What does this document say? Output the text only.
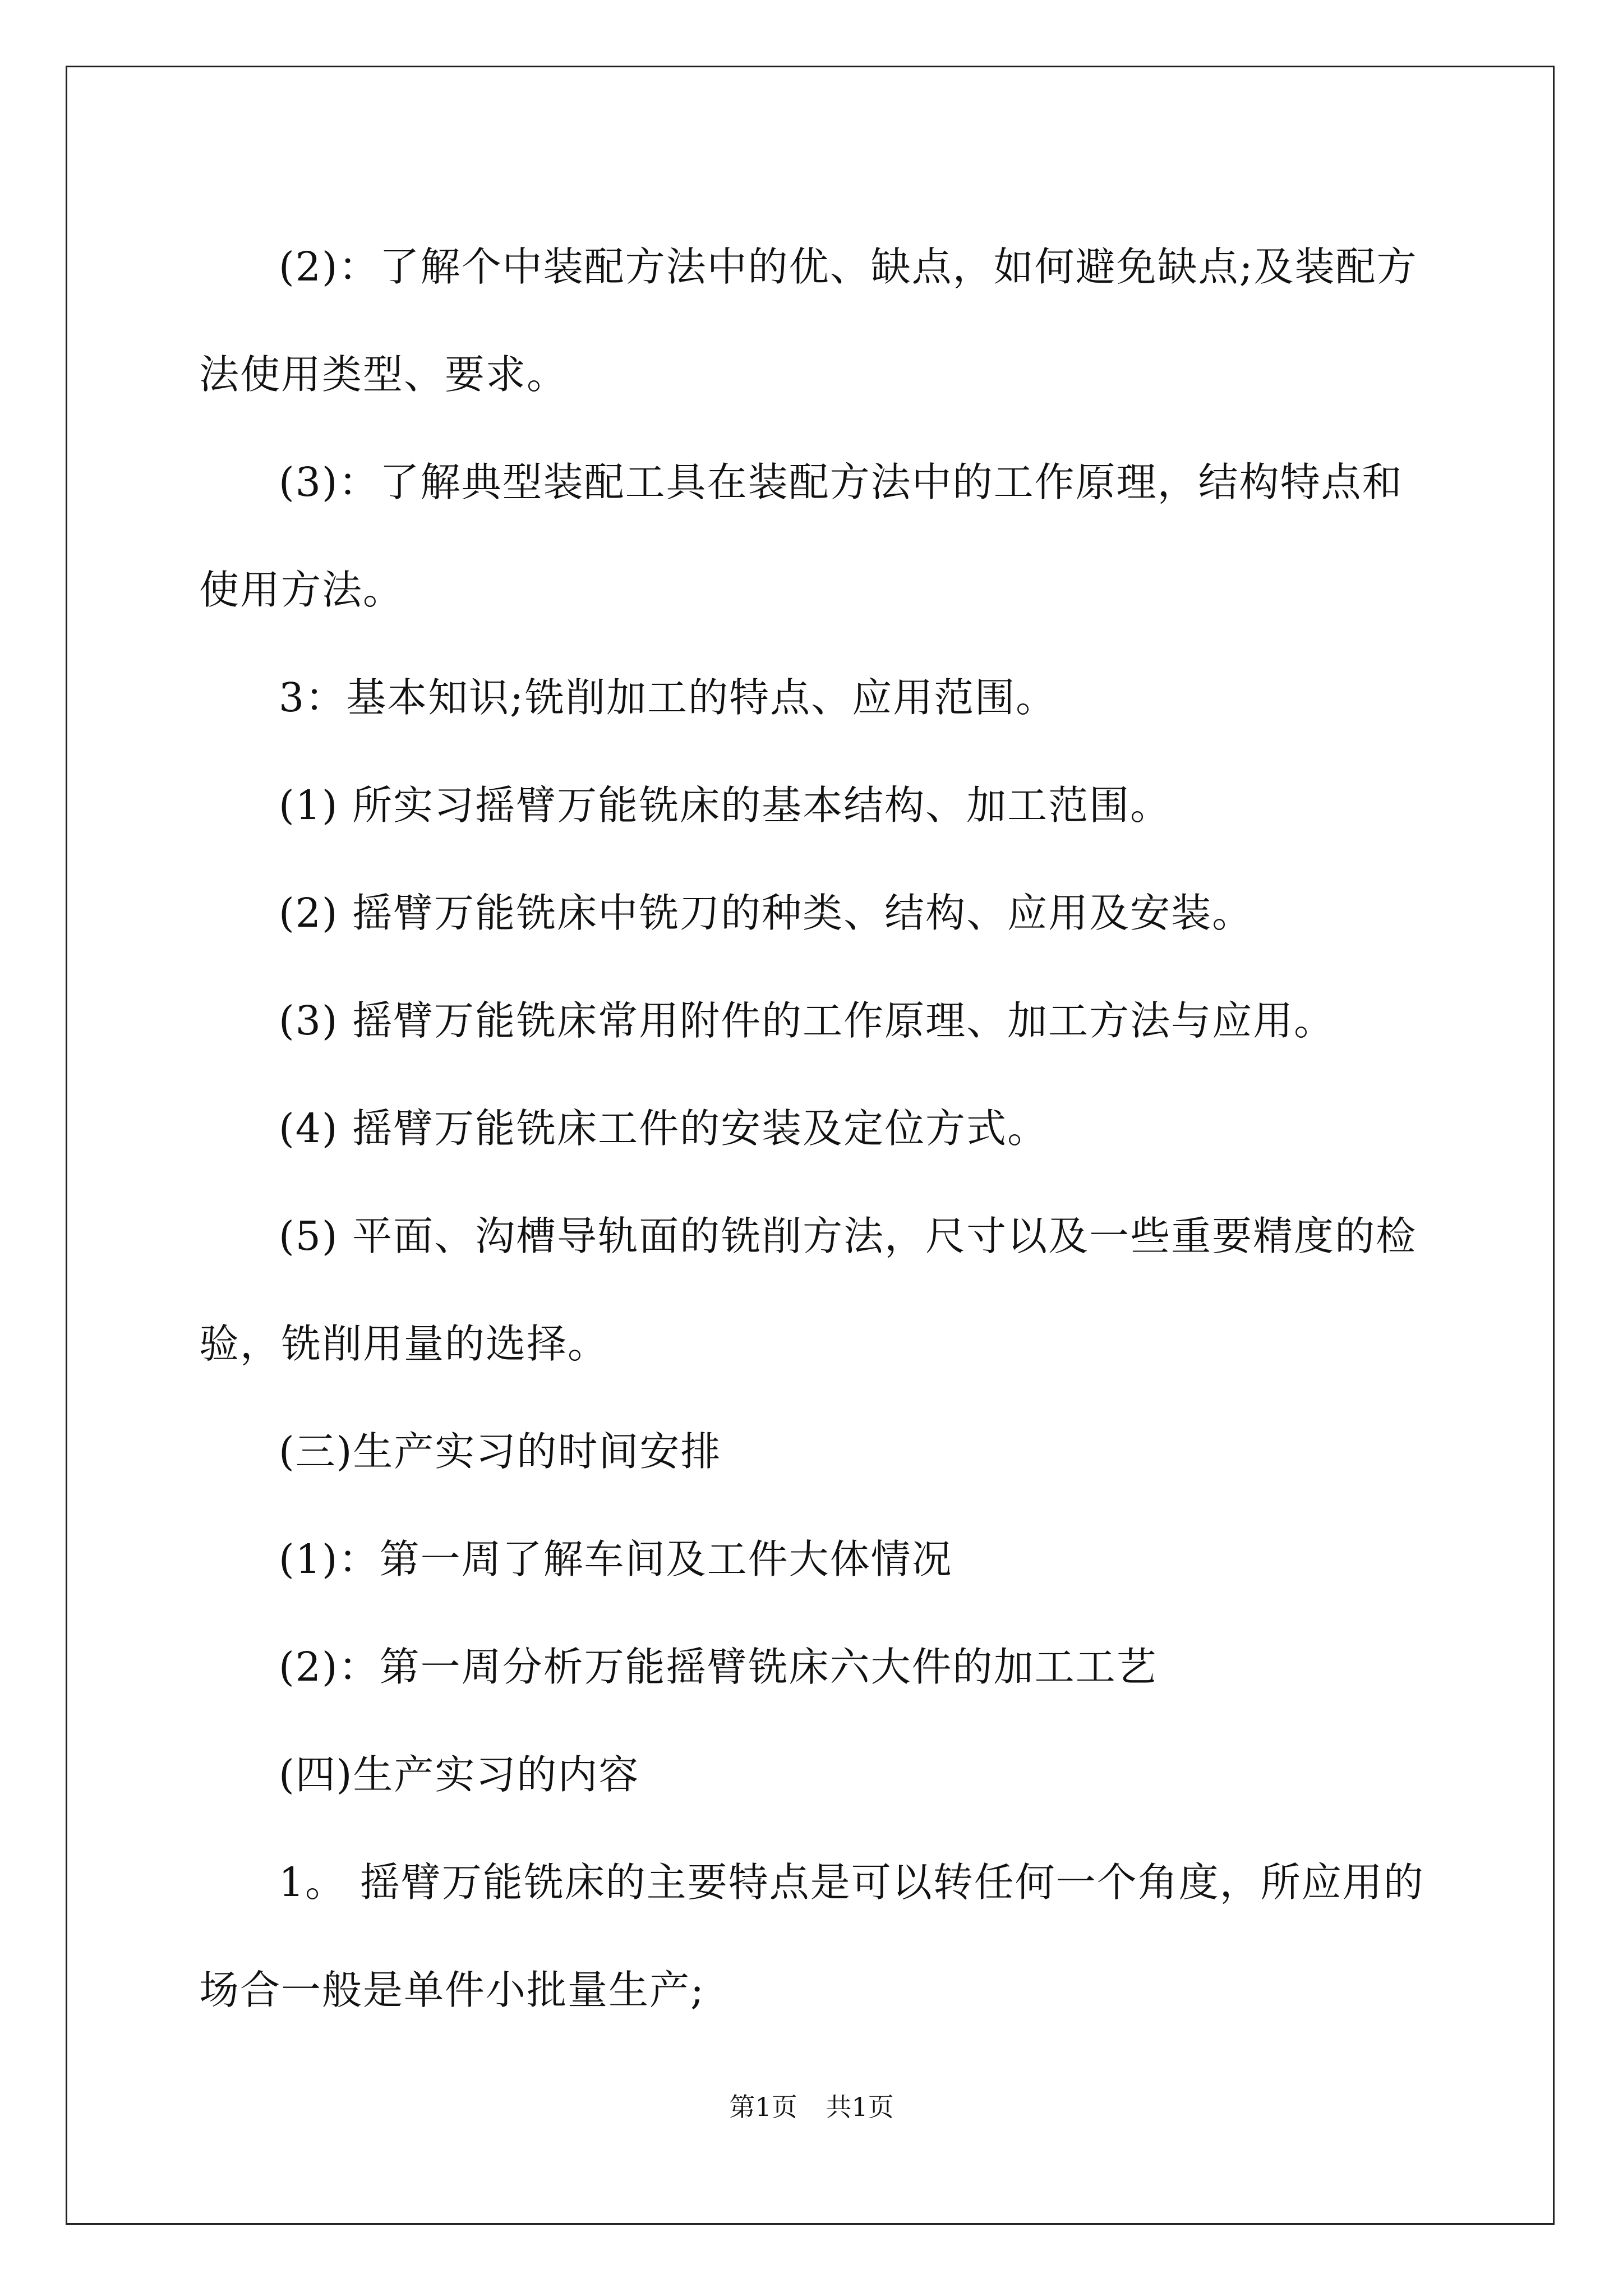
(2)：了解个中装配方法中的优、缺点，如何避免缺点;及装配方法使用类型、要求。

(3)：了解典型装配工具在装配方法中的工作原理，结构特点和使用方法。

3：基本知识;铣削加工的特点、应用范围。

(1) 所实习摇臂万能铣床的基本结构、加工范围。

(2) 摇臂万能铣床中铣刀的种类、结构、应用及安装。

(3) 摇臂万能铣床常用附件的工作原理、加工方法与应用。

(4) 摇臂万能铣床工件的安装及定位方式。

(5) 平面、沟槽导轨面的铣削方法，尺寸以及一些重要精度的检验，铣削用量的选择。

(三)生产实习的时间安排

(1)：第一周了解车间及工件大体情况

(2)：第一周分析万能摇臂铣床六大件的加工工艺

(四)生产实习的内容

1。 摇臂万能铣床的主要特点是可以转任何一个角度，所应用的场合一般是单件小批量生产;

第1页 共1页
